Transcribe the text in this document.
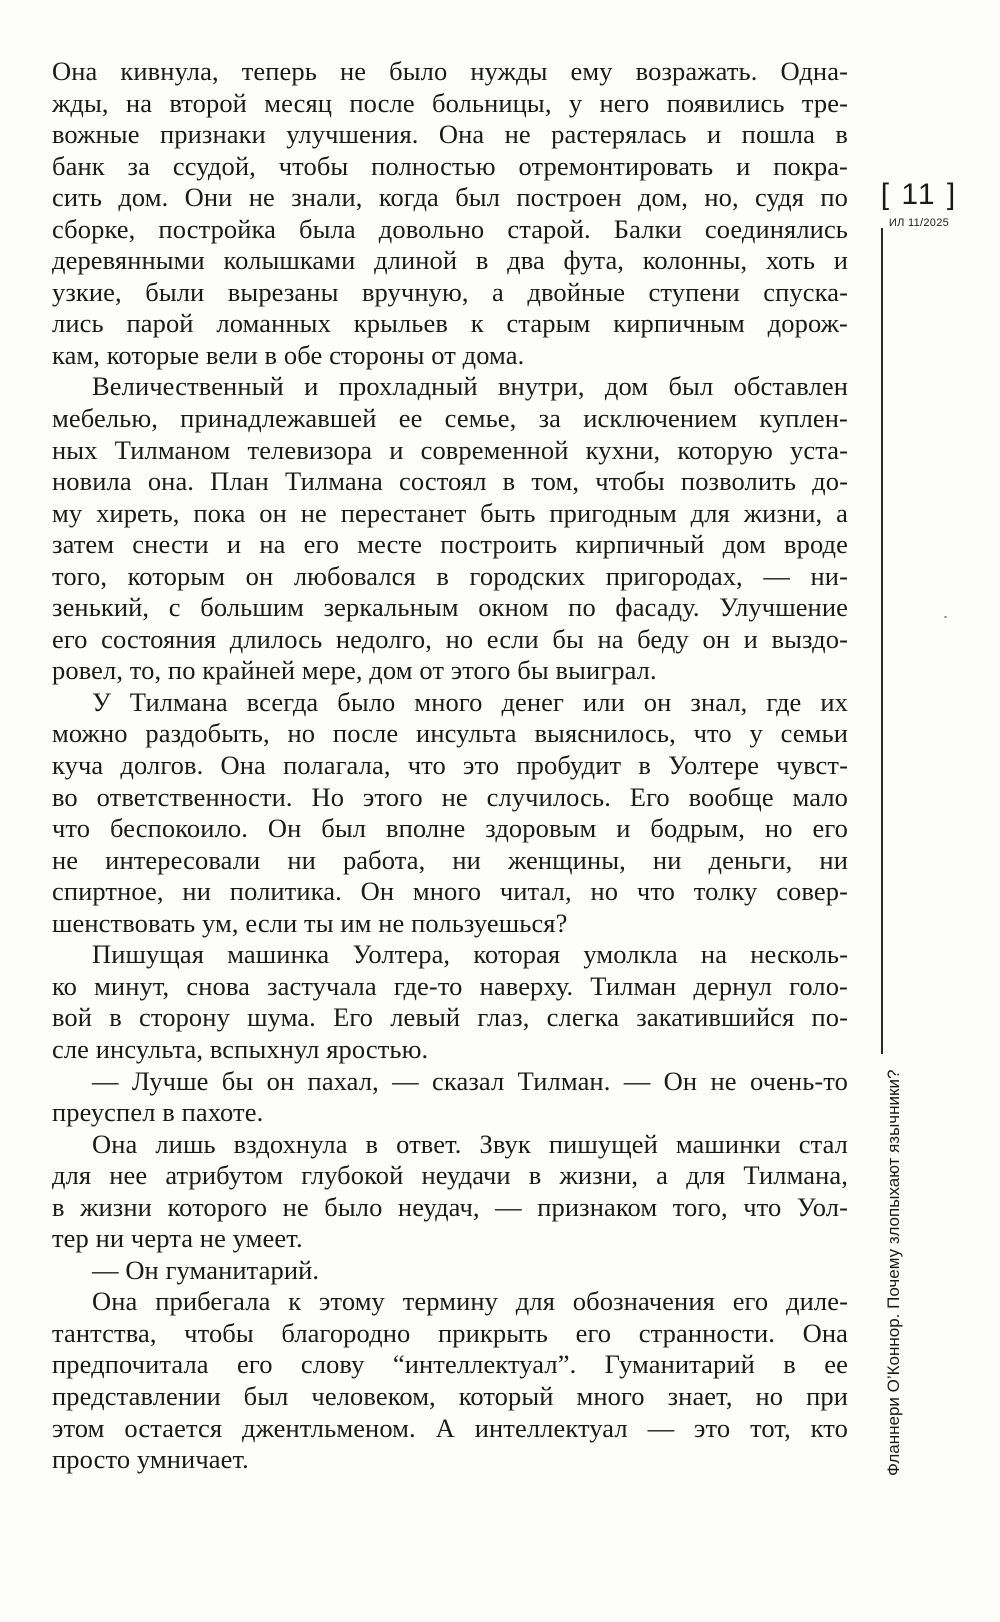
Она кивнула, теперь не было нужды ему возражать. Одна-
жды, на второй месяц после больницы, у него появились тре-
вожные признаки улучшения. Она не растерялась и пошла в
банк за ссудой, чтобы полностью отремонтировать и покра-
сить дом. Они не знали, когда был построен дом, но, судя по
сборке, постройка была довольно старой. Балки соединялись
деревянными колышками длиной в два фута, колонны, хоть и
узкие, были вырезаны вручную, а двойные ступени спуска-
лись парой ломанных крыльев к старым кирпичным дорож-
кам, которые вели в обе стороны от дома.
Величественный и прохладный внутри, дом был обставлен
мебелью, принадлежавшей ее семье, за исключением куплен-
ных Тилманом телевизора и современной кухни, которую уста-
новила она. План Тилмана состоял в том, чтобы позволить до-
му хиреть, пока он не перестанет быть пригодным для жизни, а
затем снести и на его месте построить кирпичный дом вроде
того, которым он любовался в городских пригородах, — ни-
зенький, с большим зеркальным окном по фасаду. Улучшение
его состояния длилось недолго, но если бы на беду он и выздо-
ровел, то, по крайней мере, дом от этого бы выиграл.
У Тилмана всегда было много денег или он знал, где их
можно раздобыть, но после инсульта выяснилось, что у семьи
куча долгов. Она полагала, что это пробудит в Уолтере чувст-
во ответственности. Но этого не случилось. Его вообще мало
что беспокоило. Он был вполне здоровым и бодрым, но его
не интересовали ни работа, ни женщины, ни деньги, ни
спиртное, ни политика. Он много читал, но что толку совер-
шенствовать ум, если ты им не пользуешься?
Пишущая машинка Уолтера, которая умолкла на несколь-
ко минут, снова застучала где-то наверху. Тилман дернул голо-
вой в сторону шума. Его левый глаз, слегка закатившийся по-
сле инсульта, вспыхнул яростью.
— Лучше бы он пахал, — сказал Тилман. — Он не очень-то
преуспел в пахоте.
Она лишь вздохнула в ответ. Звук пишущей машинки стал
для нее атрибутом глубокой неудачи в жизни, а для Тилмана,
в жизни которого не было неудач, — признаком того, что Уол-
тер ни черта не умеет.
— Он гуманитарий.
Она прибегала к этому термину для обозначения его диле-
тантства, чтобы благородно прикрыть его странности. Она
предпочитала его слову “интеллектуал”. Гуманитарий в ее
представлении был человеком, который много знает, но при
этом остается джентльменом. А интеллектуал — это тот, кто
просто умничает.
[ 11 ]
ИЛ 11/2025
Фланнери О’Коннор. Почему злопыхают язычники?
